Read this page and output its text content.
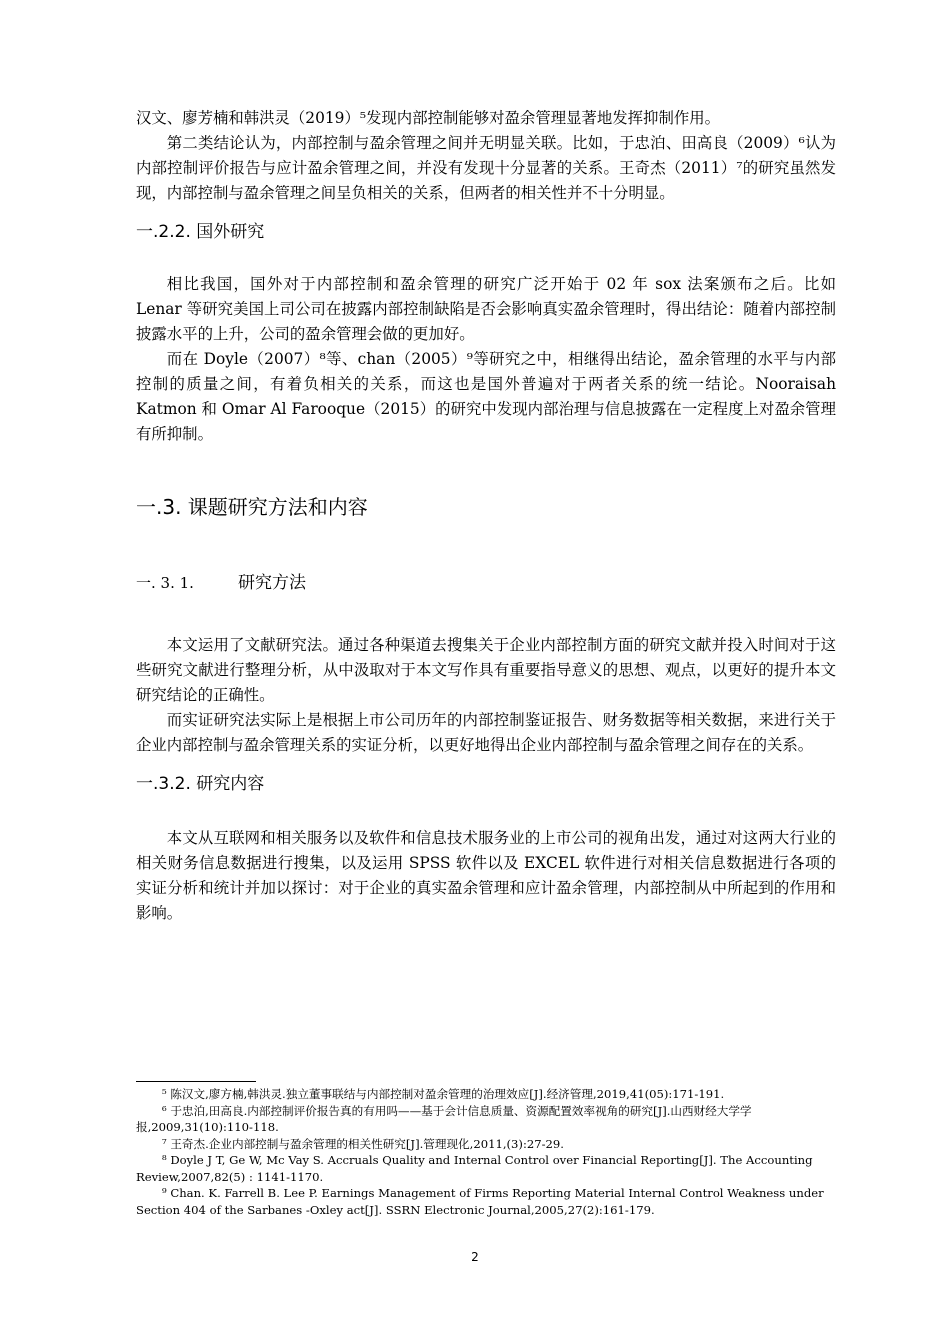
汉文、廖芳楠和韩洪灵（2019）⁵发现内部控制能够对盈余管理显著地发挥抑制作用。

第二类结论认为，内部控制与盈余管理之间并无明显关联。比如，于忠泊、田高良（2009）⁶认为内部控制评价报告与应计盈余管理之间，并没有发现十分显著的关系。王奇杰（2011）⁷的研究虽然发现，内部控制与盈余管理之间呈负相关的关系，但两者的相关性并不十分明显。

一.2.2. 国外研究

相比我国，国外对于内部控制和盈余管理的研究广泛开始于 02 年 sox 法案颁布之后。比如 Lenar 等研究美国上司公司在披露内部控制缺陷是否会影响真实盈余管理时，得出结论：随着内部控制披露水平的上升，公司的盈余管理会做的更加好。

而在 Doyle（2007）⁸等、chan（2005）⁹等研究之中，相继得出结论，盈余管理的水平与内部控制的质量之间，有着负相关的关系，而这也是国外普遍对于两者关系的统一结论。Nooraisah Katmon 和 Omar Al Farooque（2015）的研究中发现内部治理与信息披露在一定程度上对盈余管理有所抑制。

一.3. 课题研究方法和内容

一. 3. 1.	研究方法

本文运用了文献研究法。通过各种渠道去搜集关于企业内部控制方面的研究文献并投入时间对于这些研究文献进行整理分析，从中汲取对于本文写作具有重要指导意义的思想、观点，以更好的提升本文研究结论的正确性。

而实证研究法实际上是根据上市公司历年的内部控制鉴证报告、财务数据等相关数据，来进行关于企业内部控制与盈余管理关系的实证分析，以更好地得出企业内部控制与盈余管理之间存在的关系。

一.3.2. 研究内容

本文从互联网和相关服务以及软件和信息技术服务业的上市公司的视角出发，通过对这两大行业的相关财务信息数据进行搜集，以及运用 SPSS 软件以及 EXCEL 软件进行对相关信息数据进行各项的实证分析和统计并加以探讨：对于企业的真实盈余管理和应计盈余管理，内部控制从中所起到的作用和影响。

⁵ 陈汉文,廖方楠,韩洪灵.独立董事联结与内部控制对盈余管理的治理效应[J].经济管理,2019,41(05):171-191.

⁶ 于忠泊,田高良.内部控制评价报告真的有用吗——基于会计信息质量、资源配置效率视角的研究[J].山西财经大学学报,2009,31(10):110-118.

⁷ 王奇杰.企业内部控制与盈余管理的相关性研究[J].管理现化,2011,(3):27-29.

⁸ Doyle J T, Ge W, Mc Vay S. Accruals Quality and Internal Control over Financial Reporting[J]. The Accounting Review,2007,82(5) : 1141-1170.

⁹ Chan. K. Farrell B. Lee P. Earnings Management of Firms Reporting Material Internal Control Weakness under Section 404 of the Sarbanes -Oxley act[J]. SSRN Electronic Journal,2005,27(2):161-179.

2
